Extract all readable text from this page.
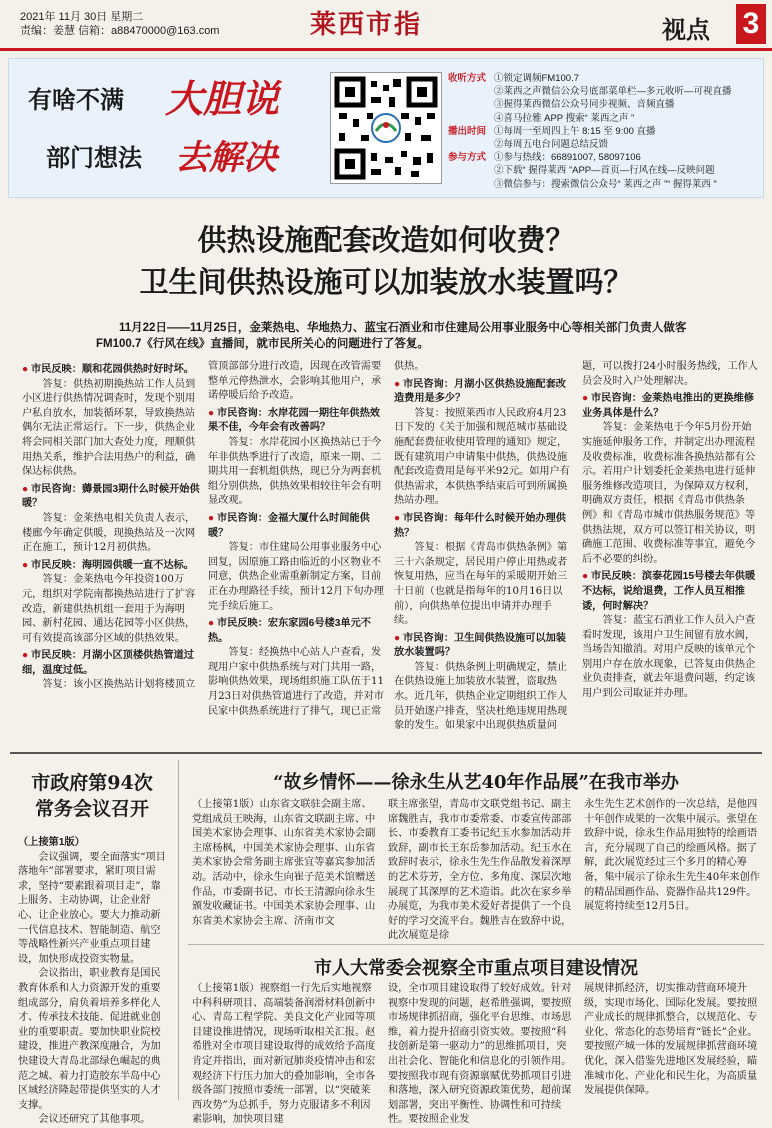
2021年 11月 30日 星期二
责编：姜慧 信箱：a88470000@163.com	莱西市指	视点 3
有啥不满 大胆说
部门想法 去解决
收听方式 ①锁定调频FM100.7
②莱西之声微信公众号底部菜单栏—多元收听—可视直播
③握得莱西微信公众号同步视频、音频直播
④喜马拉雅 APP 搜索“ 莱西之声 ”
播出时间 ①每周一至周四上午 8:15 至 9:00 直播
②每周五电台问题总结反馈
参与方式 ①参与热线：66891007, 58097106
②下载“ 握得莱西 ”APP—首页—行风在线—反映问题
③微信参与：搜索微信公众号“ 莱西之声 ”“ 握得莱西 ”
供热设施配套改造如何收费？
卫生间供热设施可以加装放水装置吗？
11月22日——11月25日，金莱热电、华地热力、蓝宝石酒业和市住建局公用事业服务中心等相关部门负责人做客FM100.7《行风在线》直播间，就市民所关心的问题进行了答复。
● 市民反映：顺和花园供热时好时坏。
答复：供热初期换热站工作人员到小区进行供热情况调查时，发现个别用户私自放水，加装循环泵，导致换热站偶尔无法正常运行。下一步，供热企业将会同相关部门加大查处力度，理顺供用热关系，维护合法用热户的利益，确保达标供热。
● 市民咨询：薅景园3期什么时候开始供暖？
答复：金莱热电相关负责人表示，楼廊今年确定供暖，现换热站及一次网正在施工，预计12月初供热。
● 市民反映：海明园供暖一直不达标。
答复：金莱热电今年投资100万元，组织对学院南都换热站进行了扩容改造，新建供热机组一套用于为海明园、新村花园、通达花园等小区供热，可有效提高该部分区域的供热效果。
● 市民反映：月湖小区顶楼供热管道过细，温度过低。
答复：该小区换热站计划将楼顶立
管顶部部分进行改造，因现在改管需要整单元停热泄水，会影响其他用户，承诺停暖后给予改造。
● 市民咨询：水岸花园一期往年供热效果不佳，今年会有改善吗？
答复：水岸花园小区换热站已于今年非供热季进行了改造，原来一期、二期共用一套机组供热，现已分为两套机组分别供热，供热效果相较往年会有明显改观。
● 市民咨询：金福大厦什么时间能供暖？
答复：市住建局公用事业服务中心回复，因原施工路由临近的小区物业不同意，供热企业需重新制定方案，目前正在办理路径手续，预计12月下旬办理完手续后施工。
● 市民反映：宏东家园6号楼3单元不热。
答复：经换热中心站人户查看，发现用户家中供热系统与对门共用一路，影响供热效果，现场组织施工队伍于11月23日对供热管道进行了改造，并对市民家中供热系统进行了排气，现已正常
供热。
● 市民咨询：月湖小区供热设施配套改造费用是多少？
答复：按照莱西市人民政府4月23日下发的《关于加强和规范城市基础设施配套费征收使用管理的通知》规定，既有建筑用户申请集中供热，供热设施配套改造费用是每平米92元。如用户有供热需求，本供热季结束后可到所属换热站办理。
● 市民咨询：每年什么时候开始办理供热？
答复：根据《青岛市供热条例》第三十六条规定，居民用户停止用热或者恢复用热，应当在每年的采暖期开始三十日前（也就是指每年的10月16日以前），向供热单位提出申请并办理手续。
● 市民咨询：卫生间供热设施可以加装放水装置吗？
答复：供热条例上明确规定，禁止在供热设施上加装放水装置，盗取热水。近几年，供热企业定期组织工作人员开始逐户排查，坚决杜绝违规用热现象的发生。如果家中出现供热质量问
题，可以拨打24小时服务热线，工作人员会及时入户处理解决。
● 市民咨询：金莱热电推出的更换维修业务具体是什么？
答复：金莱热电于今年5月份开始实施延伸服务工作，并制定出办理流程及收费标准，收费标准各换热站都有公示。若用户计划委托金莱热电进行延伸服务维修改造项目，为保障双方权利，明确双方责任，根据《青岛市供热条例》和《青岛市城市供热服务规范》等供热法规，双方可以签订相关协议，明确施工范围、收费标准等事宜，避免今后不必要的纠纷。
● 市民反映：滨泰花园15号楼去年供暖不达标，说给退费，工作人员互相推诿，何时解决？
答复：蓝宝石酒业工作人员入户查看时发现，该用户卫生间留有放水阀，当场告知撤消。对用户反映的该单元个别用户存在放水现象，已答复由供热企业负责排查，就去年退费问题，约定该用户到公司取证并办理。
市政府第94次
常务会议召开
（上接第1版）

会议强调，要全面落实“项目落地年”部署要求，紧盯项目需求，坚持“要素跟着项目走”，靠上服务、主动协调，让企业舒心、让企业放心。要大力推动新一代信息技术、智能制造、航空等战略性新兴产业重点项目建设，加快形成投资实物量。

会议指出，职业教育是国民教育体系和人力资源开发的重要组成部分，肩负着培养多样化人才、传承技术技能、促进就业创业的重要职责。要加快职业院校建设，推进产教深度融合，为加快建设大青岛北部绿色崛起的典范之城、着力打造胶东半岛中心区域经济隆起带提供坚实的人才支撑。

会议还研究了其他事项。

“故乡情怀——徐永生从艺40年作品展”在我市举办

（上接第1版）山东省文联驻会副主席、党组成员王映海，山东省文联副主席、中国美术家协会理事、山东省美术家协会副主席杨枫，中国美术家协会理事、山东省美术家协会常务副主席张宜等嘉宾参加活动。活动中，徐永生向崔子范美术馆赠送作品，市委副书记、市长王清源向徐永生颁发收藏证书。中国美术家协会理事、山东省美术家协会主席、济南市文

联主席张望，青岛市文联党组书记、副主席魏胜吉，我市市委常委、市委宣传部部长、市委教育工委书记纪玉水参加活动并致辞，副市长王东岳参加活动。纪玉水在致辞时表示，徐永生先生作品散发着深厚的艺术芬芳，全方位、多角度、深层次地展现了其深厚的艺术造诣。此次在家乡举办展览，为我市美术爱好者提供了一个良好的学习交流平台。魏胜吉在致辞中说，此次展览是徐

永生先生艺术创作的一次总结，是他四十年创作成果的一次集中展示。张望在致辞中说，徐永生作品用独特的绘画语言，充分展现了自己的绘画风格。据了解，此次展览经过三个多月的精心筹备，集中展示了徐永生先生40年来创作的精品国画作品、瓷器作品共129件。展览将持续至12月5日。

市人大常委会视察全市重点项目建设情况

（上接第1版）视察组一行先后实地视察中科科研项目、高端装备润滑材料创新中心、青岛工程学院、美良文化产业园等项目建设推进情况，现场听取相关汇报。赵希胜对全市项目建设取得的成效给予高度肯定并指出，面对新冠肺炎疫情冲击和宏观经济下行压力加大的叠加影响，全市各级各部门按照市委统一部署，以“突破莱西攻势”为总抓手，努力克服诸多不利因素影响，加快项目建

设，全市项目建设取得了较好成效。针对视察中发现的问题，赵希胜强调，要按照市场规律抓招商，强化平台思维、市场思维，着力提升招商引资实效。要按照“科技创新是第一驱动力”的思维抓项目，突出社会化、智能化和信息化的引领作用。要按照我市现有资源禀赋优势抓项目引进和落地，深入研究资源政策优势，超前谋划部署，突出平衡性、协调性和可持续性。要按照企业发

展规律抓经济，切实推动营商环境升级，实现市场化、国际化发展。要按照产业成长的规律抓整合，以规范化、专业化、常态化的态势培育“链长”企业。要按照产城一体的发展规律抓营商环境优化，深入借鉴先进地区发展经验，瞄准城市化、产业化和民生化，为高质量发展提供保障。
